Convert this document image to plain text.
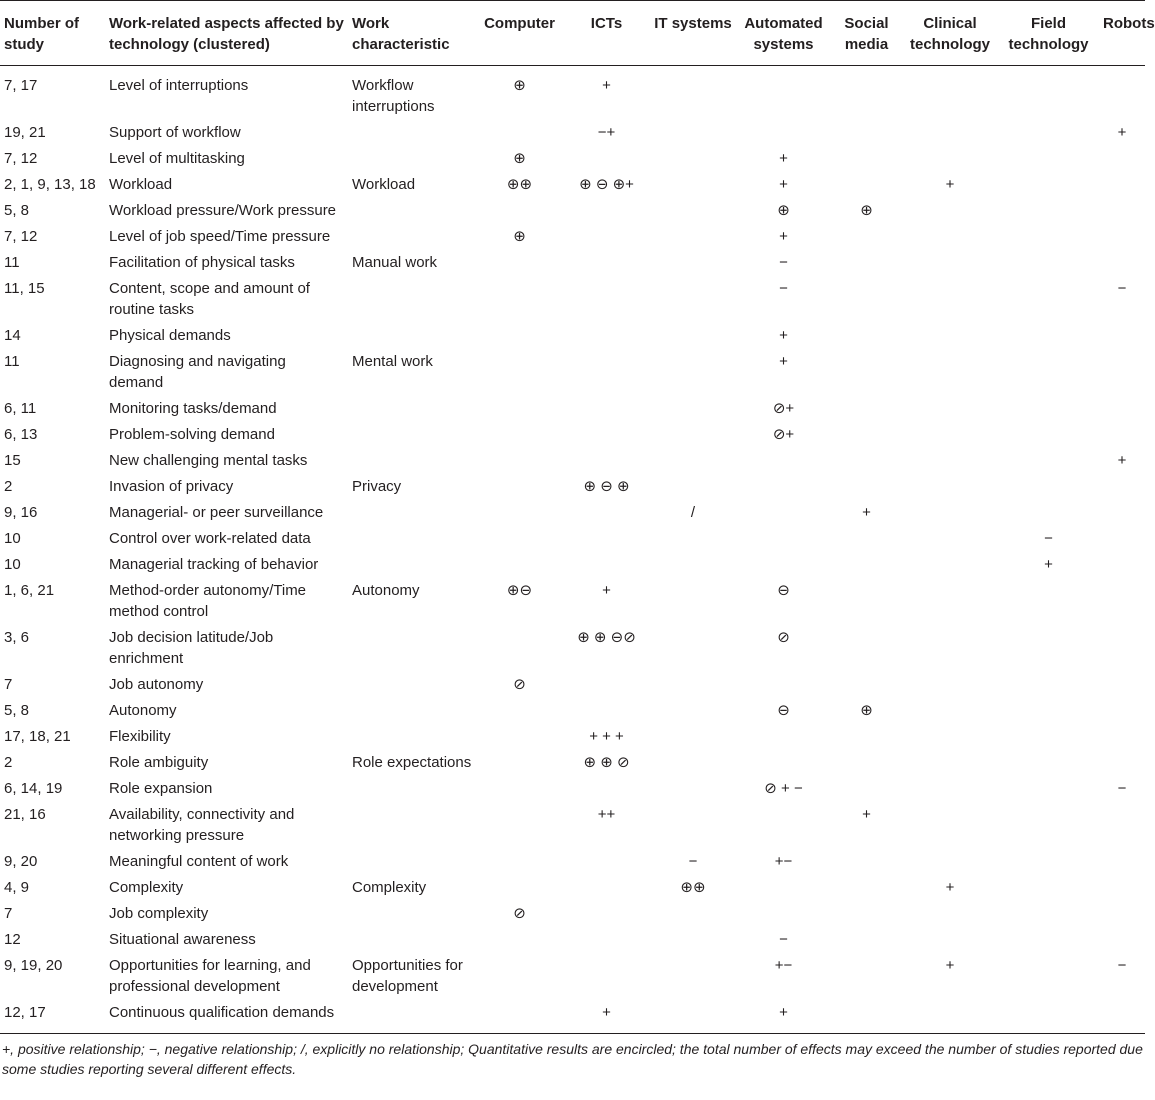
Number of study	Work-related aspects affected by technology (clustered)	Work characteristic	Computer	ICTs	IT systems	Automated systems	Social media	Clinical technology	Field technology	Robots
7, 17	Level of interruptions	Workflow interruptions	⊕	+						
19, 21	Support of workflow			−+						+
7, 12	Level of multitasking		⊕			+				
2, 1, 9, 13, 18	Workload	Workload	⊕⊕	⊕ ⊖ ⊕+		+		+		
5, 8	Workload pressure/Work pressure					⊕	⊕			
7, 12	Level of job speed/Time pressure		⊕			+				
11	Facilitation of physical tasks	Manual work				−				
11, 15	Content, scope and amount of routine tasks					−				−
14	Physical demands					+				
11	Diagnosing and navigating demand	Mental work				+				
6, 11	Monitoring tasks/demand					⊘+				
6, 13	Problem-solving demand					⊘+				
15	New challenging mental tasks									+
2	Invasion of privacy	Privacy		⊕ ⊖ ⊕						
9, 16	Managerial- or peer surveillance				/		+			
10	Control over work-related data								−	
10	Managerial tracking of behavior								+	
1, 6, 21	Method-order autonomy/Time method control	Autonomy	⊕⊖	+		⊖				
3, 6	Job decision latitude/Job enrichment			⊕ ⊕ ⊖⊘		⊘				
7	Job autonomy		⊘							
5, 8	Autonomy					⊖	⊕			
17, 18, 21	Flexibility			+ + +						
2	Role ambiguity	Role expectations		⊕ ⊕ ⊘						
6, 14, 19	Role expansion					⊘ + −				−
21, 16	Availability, connectivity and networking pressure			++			+			
9, 20	Meaningful content of work				−	+−				
4, 9	Complexity	Complexity			⊕⊕			+		
7	Job complexity		⊘							
12	Situational awareness					−				
9, 19, 20	Opportunities for learning, and professional development	Opportunities for development				+−		+		−
12, 17	Continuous qualification demands			+		+				
+, positive relationship; −, negative relationship; /, explicitly no relationship; Quantitative results are encircled; the total number of effects may exceed the number of studies reported due some studies reporting several different effects.
